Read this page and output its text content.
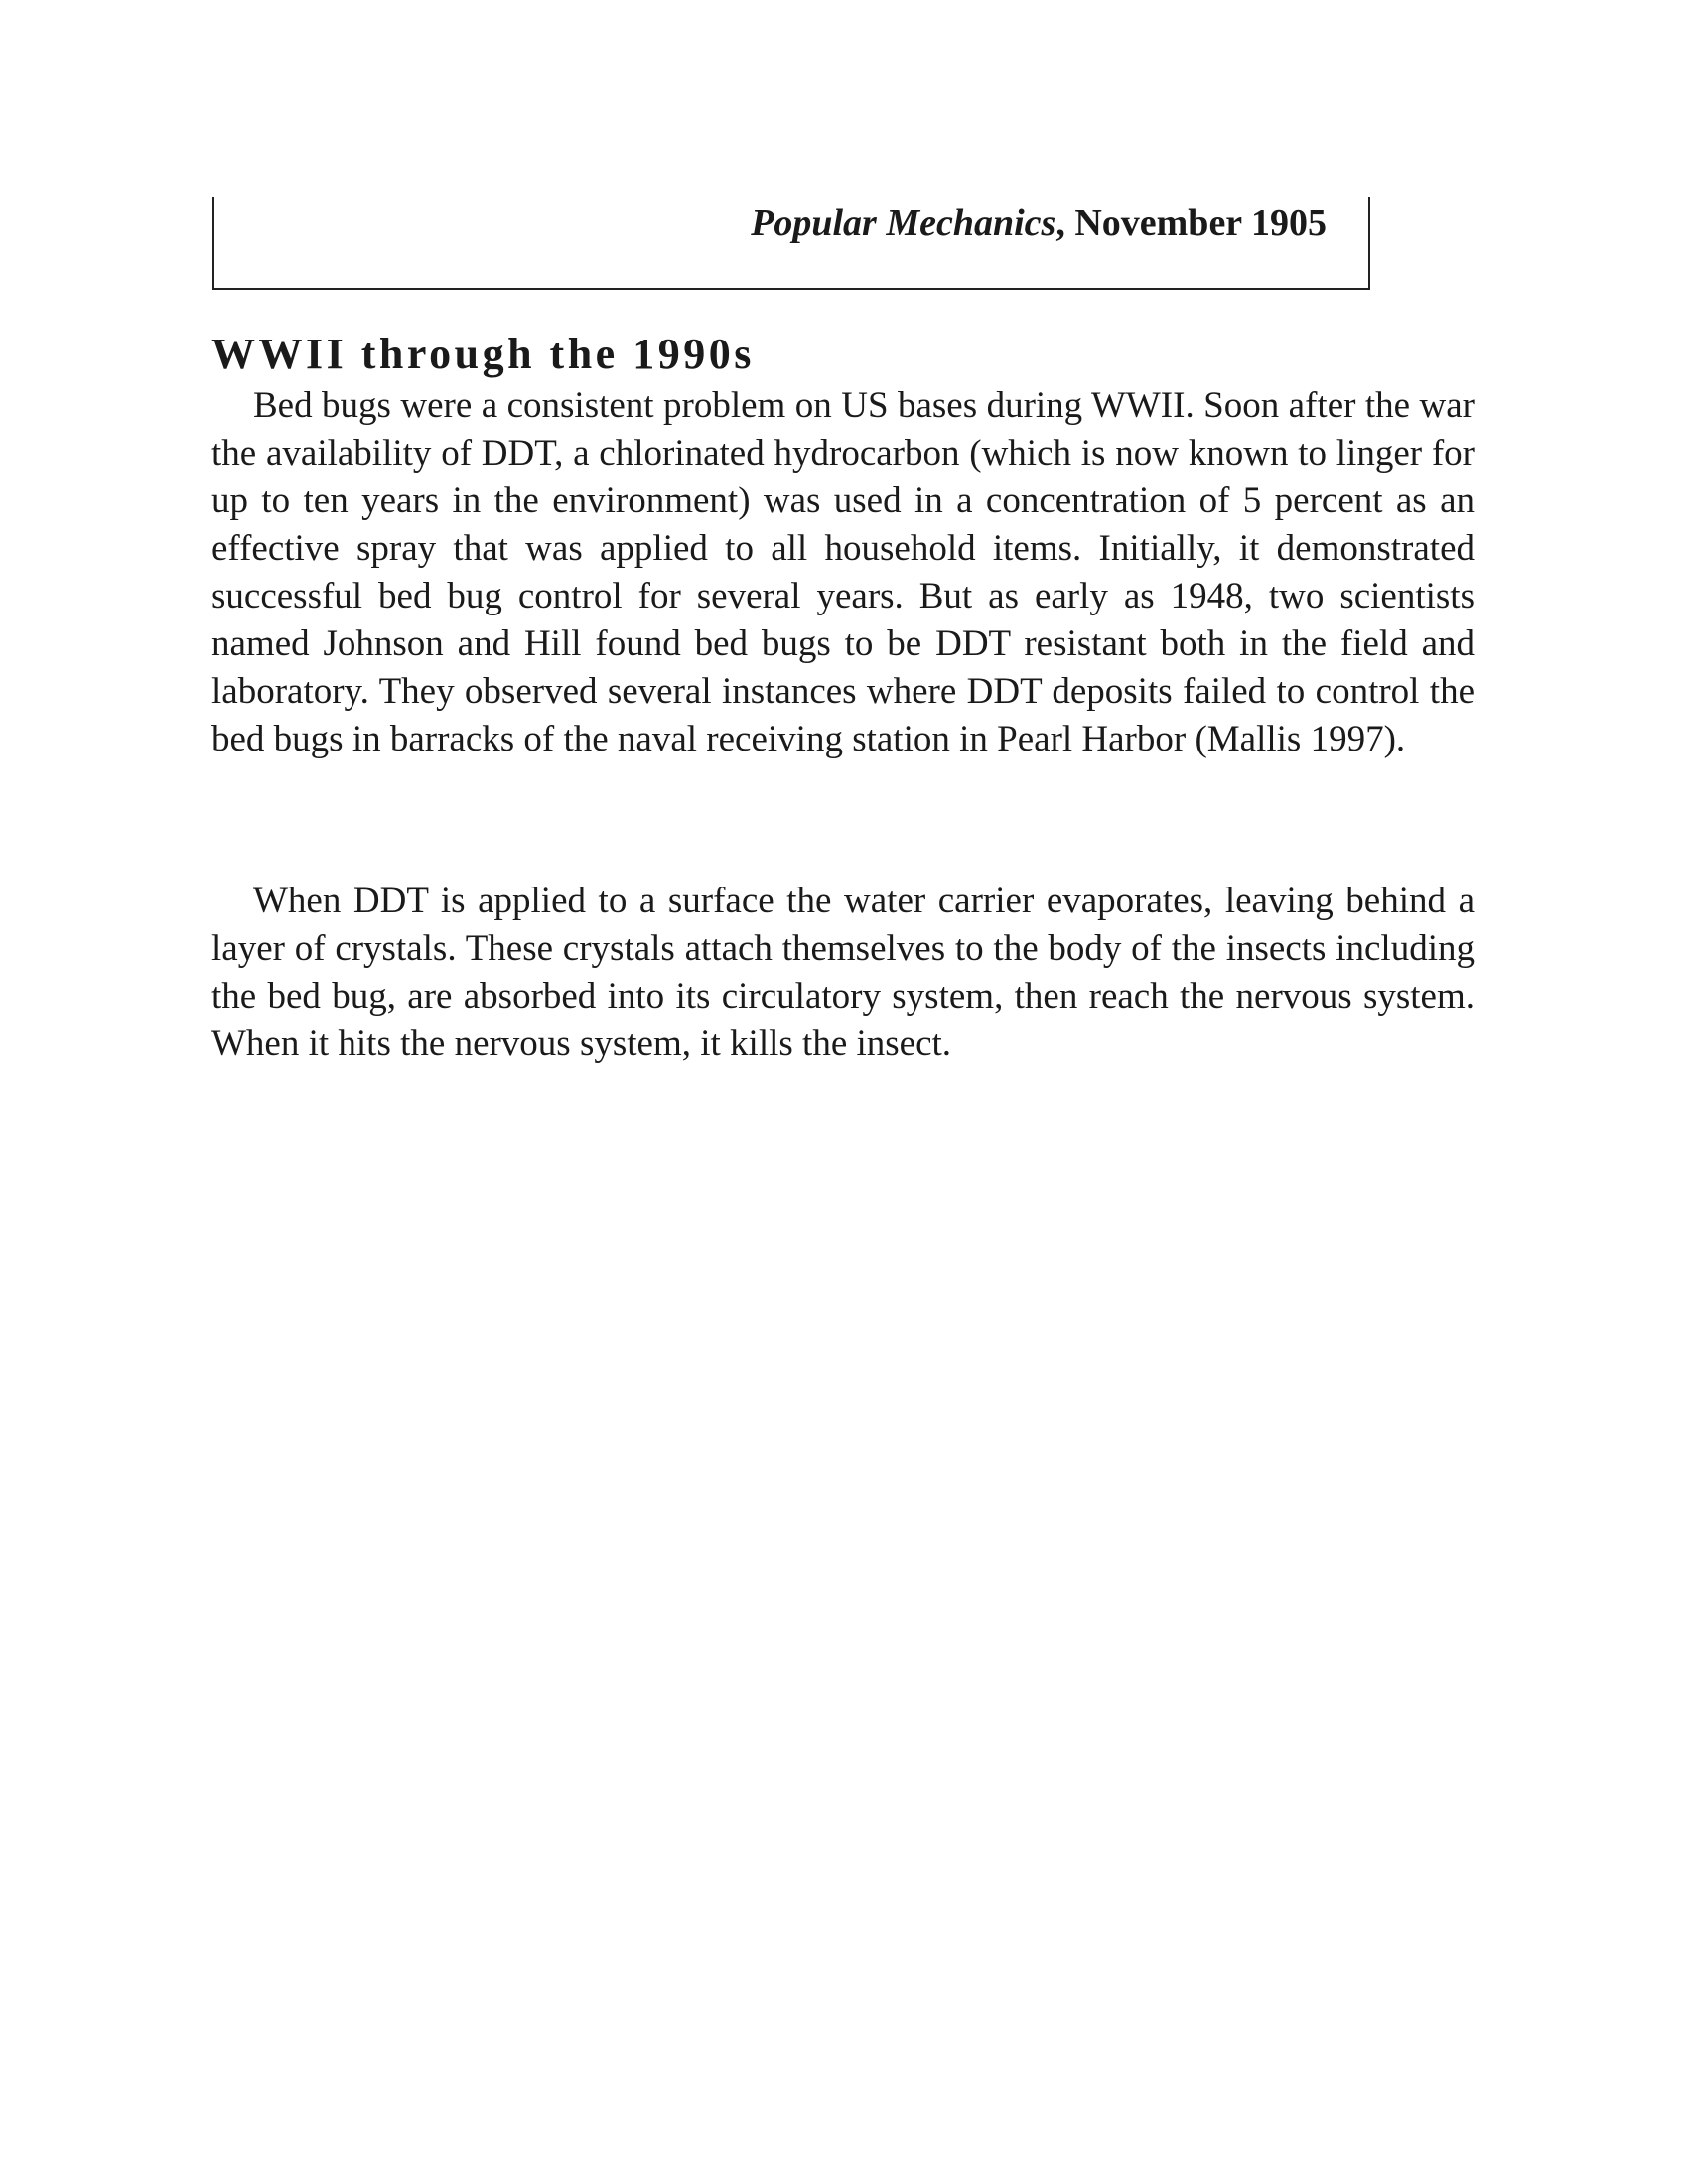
Popular Mechanics, November 1905
WWII through the 1990s

Bed bugs were a consistent problem on US bases during WWII. Soon after the war the availability of DDT, a chlorinated hydrocarbon (which is now known to linger for up to ten years in the environment) was used in a concentration of 5 percent as an effective spray that was applied to all household items. Initially, it demonstrated successful bed bug control for several years. But as early as 1948, two scientists named Johnson and Hill found bed bugs to be DDT resistant both in the field and laboratory. They observed several instances where DDT deposits failed to control the bed bugs in barracks of the naval receiving station in Pearl Harbor (Mallis 1997).

When DDT is applied to a surface the water carrier evaporates, leaving behind a layer of crystals. These crystals attach themselves to the body of the insects including the bed bug, are absorbed into its circulatory system, then reach the nervous system. When it hits the nervous system, it kills the insect.
